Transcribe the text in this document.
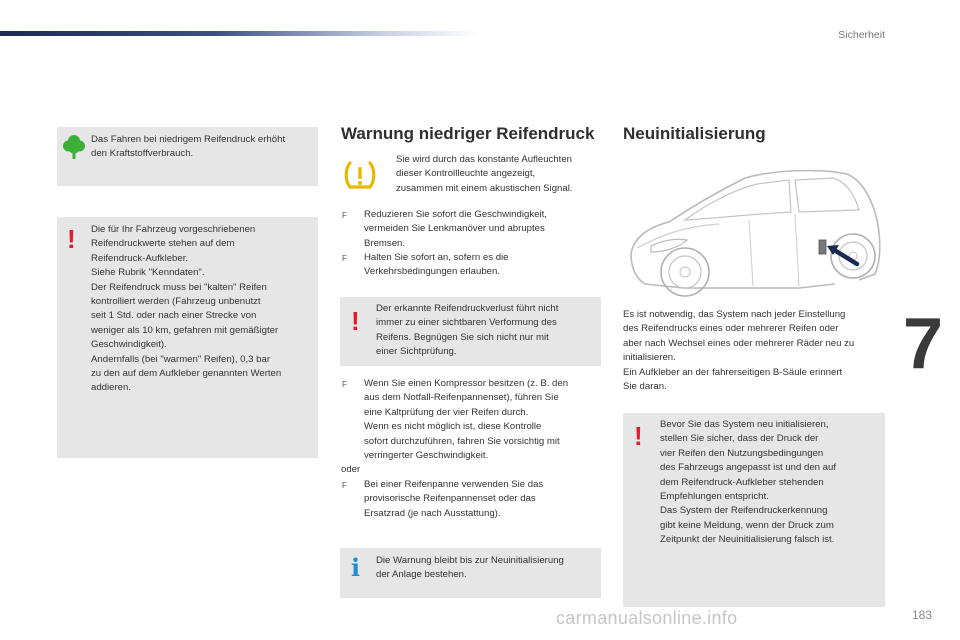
Sicherheit
Das Fahren bei niedrigem Reifendruck erhöht
den Kraftstoffverbrauch.
! Die für Ihr Fahrzeug vorgeschriebenen
Reifendruckwerte stehen auf dem
Reifendruck-Aufkleber.
Siehe Rubrik "Kenndaten".
Der Reifendruck muss bei "kalten" Reifen
kontrolliert werden (Fahrzeug unbenutzt
seit 1 Std. oder nach einer Strecke von
weniger als 10 km, gefahren mit gemäßigter
Geschwindigkeit).
Andernfalls (bei "warmen" Reifen), 0,3 bar
zu den auf dem Aufkleber genannten Werten
addieren.
Warnung niedriger Reifendruck
Sie wird durch das konstante Aufleuchten
dieser Kontrollleuchte angezeigt,
zusammen mit einem akustischen Signal.
F Reduzieren Sie sofort die Geschwindigkeit,
vermeiden Sie Lenkmanöver und abruptes
Bremsen.
F Halten Sie sofort an, sofern es die
Verkehrsbedingungen erlauben.
! Der erkannte Reifendruckverlust führt nicht
immer zu einer sichtbaren Verformung des
Reifens. Begnügen Sie sich nicht nur mit
einer Sichtprüfung.
F Wenn Sie einen Kompressor besitzen (z. B. den
aus dem Notfall-Reifenpannenset), führen Sie
eine Kaltprüfung der vier Reifen durch.
Wenn es nicht möglich ist, diese Kontrolle
sofort durchzuführen, fahren Sie vorsichtig mit
verringerter Geschwindigkeit.
oder
F Bei einer Reifenpanne verwenden Sie das
provisorische Reifenpannenset oder das
Ersatzrad (je nach Ausstattung).
i Die Warnung bleibt bis zur Neuinitialisierung
der Anlage bestehen.
Neuinitialisierung
Es ist notwendig, das System nach jeder Einstellung
des Reifendrucks eines oder mehrerer Reifen oder
aber nach Wechsel eines oder mehrerer Räder neu zu
initialisieren.
Ein Aufkleber an der fahrerseitigen B-Säule erinnert
Sie daran.
! Bevor Sie das System neu initialisieren,
stellen Sie sicher, dass der Druck der
vier Reifen den Nutzungsbedingungen
des Fahrzeugs angepasst ist und den auf
dem Reifendruck-Aufkleber stehenden
Empfehlungen entspricht.
Das System der Reifendruckerkennung
gibt keine Meldung, wenn der Druck zum
Zeitpunkt der Neuinitialisierung falsch ist.
7
carmanualsonline.info	183
